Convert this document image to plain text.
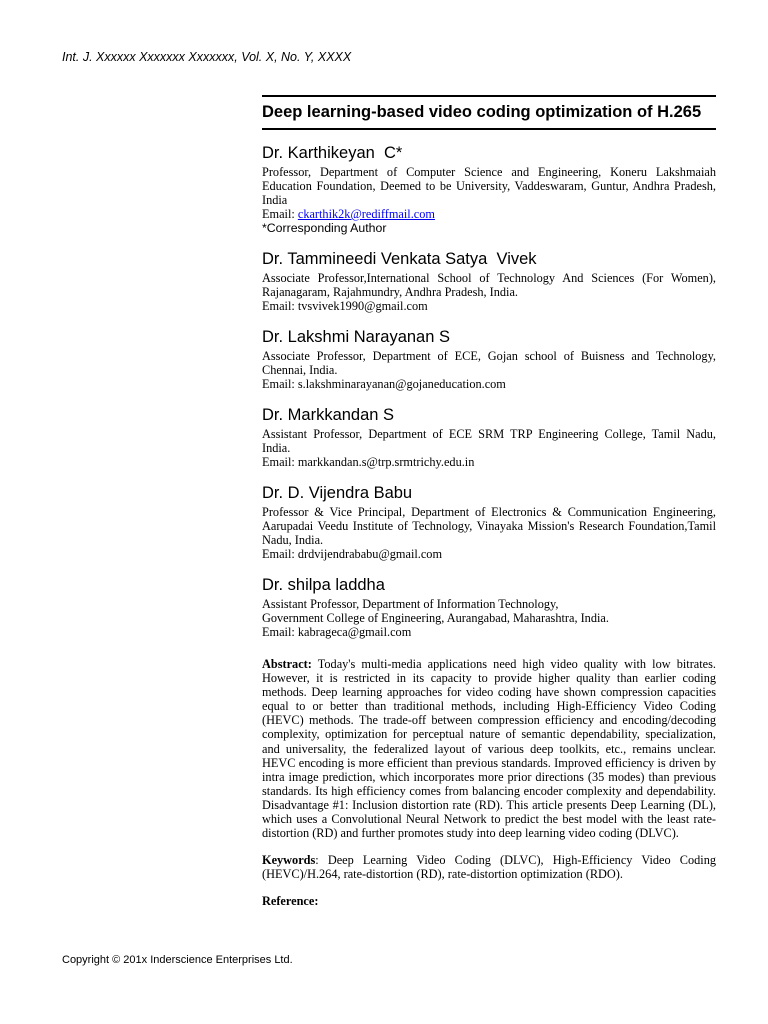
Int. J. Xxxxxx Xxxxxxx Xxxxxxx, Vol. X, No. Y, XXXX
Deep learning-based video coding optimization of H.265

Dr. Karthikeyan  C*

Professor, Department of Computer Science and Engineering, Koneru Lakshmaiah Education Foundation, Deemed to be University, Vaddeswaram, Guntur, Andhra Pradesh, India

Email: ckarthik2k@rediffmail.com

*Corresponding Author

Dr. Tammineedi Venkata Satya  Vivek

Associate Professor,International School of Technology And Sciences (For Women), Rajanagaram, Rajahmundry, Andhra Pradesh, India.

Email: tvsvivek1990@gmail.com

Dr. Lakshmi Narayanan S

Associate Professor, Department of ECE, Gojan school of Buisness and Technology, Chennai, India.

Email: s.lakshminarayanan@gojaneducation.com

Dr. Markkandan S

Assistant Professor, Department of ECE SRM TRP Engineering College, Tamil Nadu, India.

Email: markkandan.s@trp.srmtrichy.edu.in

Dr. D. Vijendra Babu

Professor & Vice Principal, Department of Electronics & Communication Engineering, Aarupadai Veedu Institute of Technology, Vinayaka Mission's Research Foundation,Tamil Nadu, India.

Email: drdvijendrababu@gmail.com

Dr. shilpa laddha

Assistant Professor, Department of Information Technology,

Government College of Engineering, Aurangabad, Maharashtra, India.

Email: kabrageca@gmail.com

Abstract: Today's multi-media applications need high video quality with low bitrates. However, it is restricted in its capacity to provide higher quality than earlier coding methods. Deep learning approaches for video coding have shown compression capacities equal to or better than traditional methods, including High-Efficiency Video Coding (HEVC) methods. The trade-off between compression efficiency and encoding/decoding complexity, optimization for perceptual nature of semantic dependability, specialization, and universality, the federalized layout of various deep toolkits, etc., remains unclear. HEVC encoding is more efficient than previous standards. Improved efficiency is driven by intra image prediction, which incorporates more prior directions (35 modes) than previous standards. Its high efficiency comes from balancing encoder complexity and dependability. Disadvantage #1: Inclusion distortion rate (RD). This article presents Deep Learning (DL), which uses a Convolutional Neural Network to predict the best model with the least rate-distortion (RD) and further promotes study into deep learning video coding (DLVC).

Keywords: Deep Learning Video Coding (DLVC), High-Efficiency Video Coding (HEVC)/H.264, rate-distortion (RD), rate-distortion optimization (RDO).

Reference:

Copyright © 201x Inderscience Enterprises Ltd.
